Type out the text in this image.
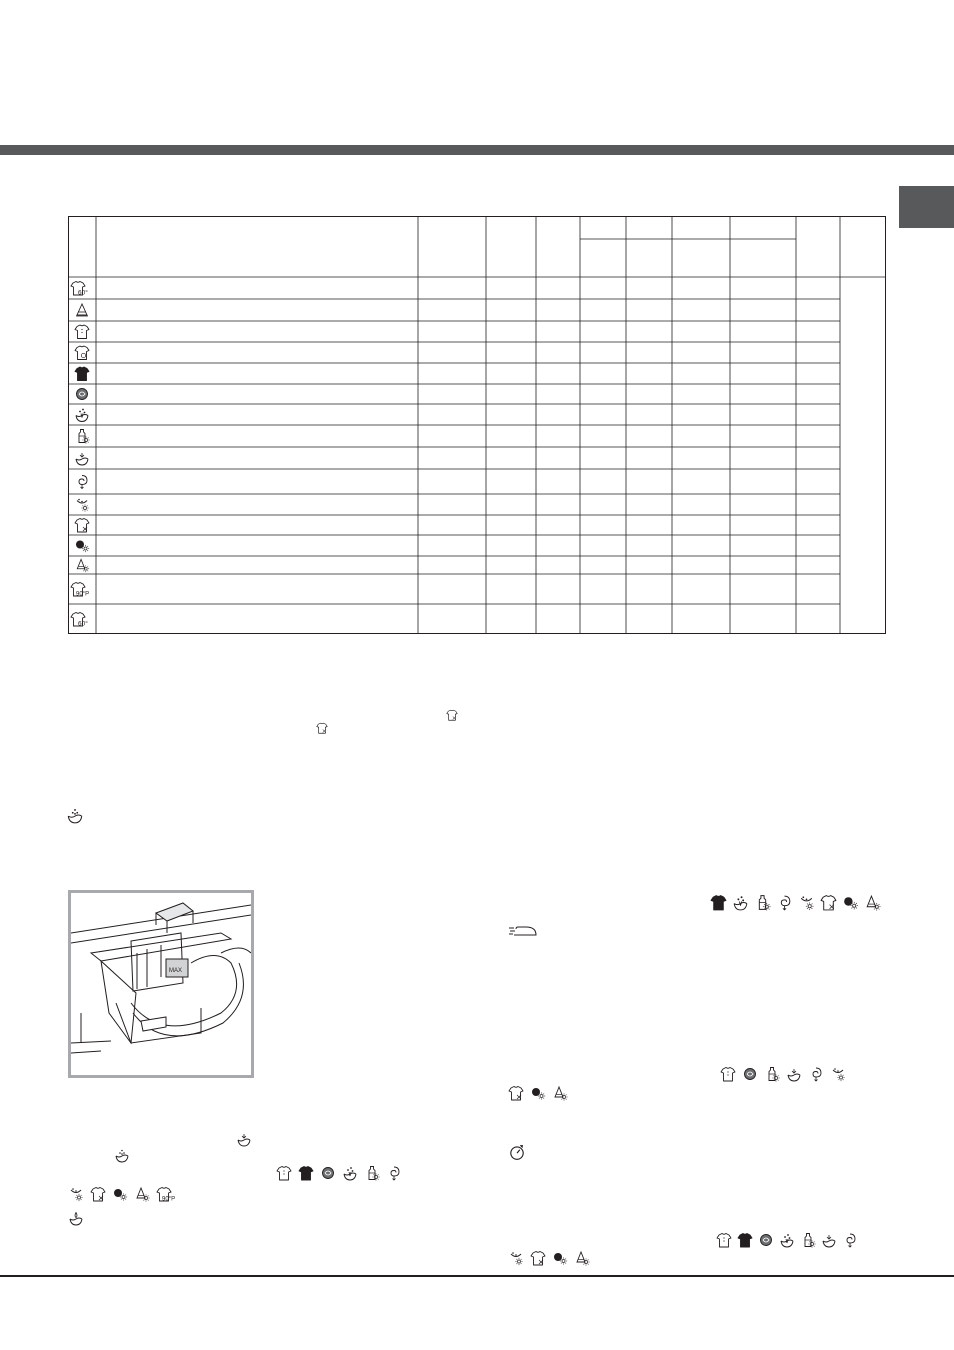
60°
90°P
60°
MAX
90°P
